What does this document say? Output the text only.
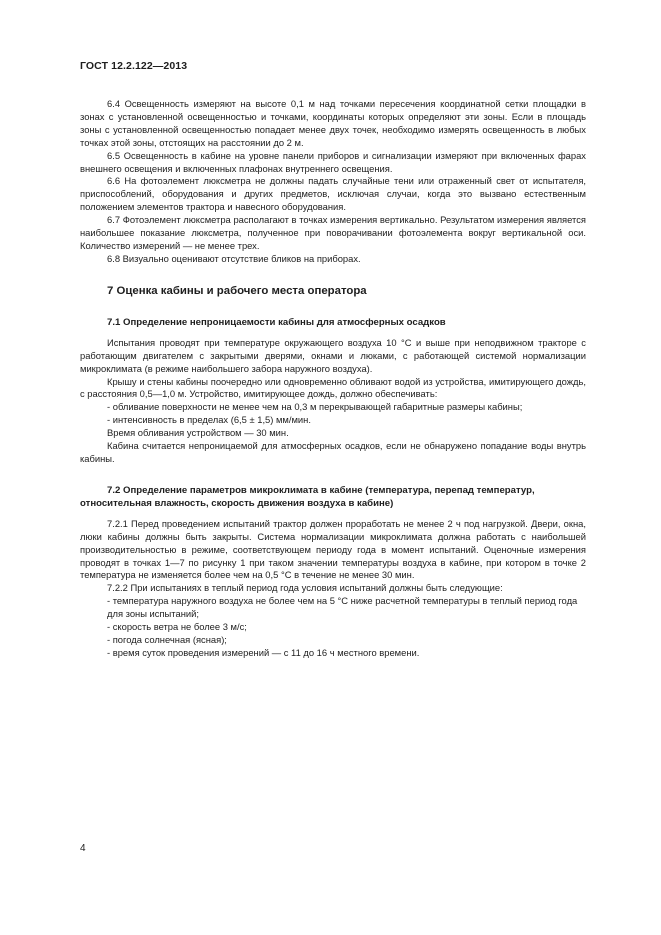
ГОСТ 12.2.122—2013

6.4 Освещенность измеряют на высоте 0,1 м над точками пересечения координатной сетки площадки в зонах с установленной освещенностью и точками, координаты которых определяют эти зоны. Если в площадь зоны с установленной освещенностью попадает менее двух точек, необходимо измерять освещенность в любых точках этой зоны, отстоящих на расстоянии до 2 м.

6.5 Освещенность в кабине на уровне панели приборов и сигнализации измеряют при включенных фарах внешнего освещения и включенных плафонах внутреннего освещения.

6.6 На фотоэлемент люксметра не должны падать случайные тени или отраженный свет от испытателя, приспособлений, оборудования и других предметов, исключая случаи, когда это вызвано естественным положением элементов трактора и навесного оборудования.

6.7 Фотоэлемент люксметра располагают в точках измерения вертикально. Результатом измерения является наибольшее показание люксметра, полученное при поворачивании фотоэлемента вокруг вертикальной оси. Количество измерений — не менее трех.

6.8 Визуально оценивают отсутствие бликов на приборах.

7 Оценка кабины и рабочего места оператора
7.1 Определение непроницаемости кабины для атмосферных осадков

Испытания проводят при температуре окружающего воздуха 10 °С и выше при неподвижном тракторе с работающим двигателем с закрытыми дверями, окнами и люками, с работающей системой нормализации микроклимата (в режиме наибольшего забора наружного воздуха).

Крышу и стены кабины поочередно или одновременно обливают водой из устройства, имитирующего дождь, с расстояния 0,5—1,0 м. Устройство, имитирующее дождь, должно обеспечивать:

- обливание поверхности не менее чем на 0,3 м перекрывающей габаритные размеры кабины;

- интенсивность в пределах (6,5 ± 1,5) мм/мин.

Время обливания устройством — 30 мин.

Кабина считается непроницаемой для атмосферных осадков, если не обнаружено попадание воды внутрь кабины.

7.2 Определение параметров микроклимата в кабине (температура, перепад температур,
относительная влажность, скорость движения воздуха в кабине)

7.2.1 Перед проведением испытаний трактор должен проработать не менее 2 ч под нагрузкой. Двери, окна, люки кабины должны быть закрыты. Система нормализации микроклимата должна работать с наибольшей производительностью в режиме, соответствующем периоду года в момент испытаний. Оценочные измерения проводят в точках 1—7 по рисунку 1 при таком значении температуры воздуха в кабине, при котором в точке 2 температура не изменяется более чем на 0,5 °С в течение не менее 30 мин.

7.2.2 При испытаниях в теплый период года условия испытаний должны быть следующие:

- температура наружного воздуха не более чем на 5 °С ниже расчетной температуры в теплый период года для зоны испытаний;

- скорость ветра не более 3 м/с;

- погода солнечная (ясная);

- время суток проведения измерений — с 11 до 16 ч местного времени.

4
